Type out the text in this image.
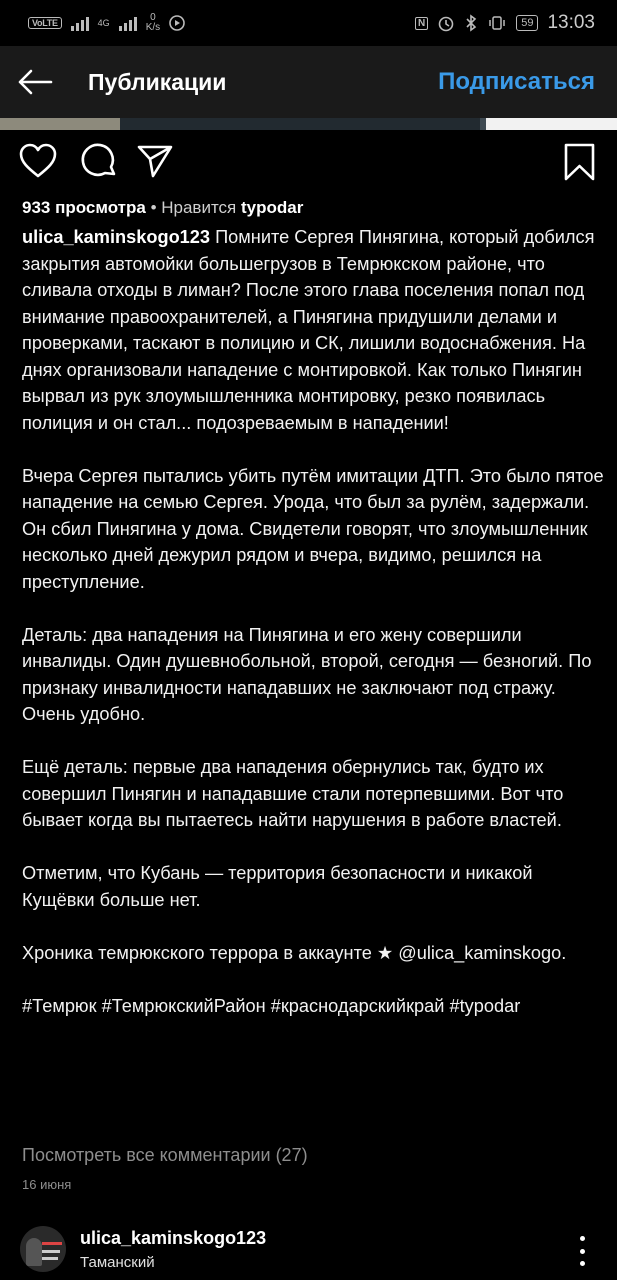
VoLTE	4G	0
K/s	N	59 13:03
Публикации	Подписаться
933 просмотра • Нравится typodar

ulica_kaminskogo123 Помните Сергея Пинягина, который добился закрытия автомойки большегрузов в Темрюкском районе, что сливала отходы в лиман? После этого глава поселения попал под внимание правоохранителей, а Пинягина придушили делами и проверками, таскают в полицию и СК, лишили водоснабжения. На днях организовали нападение с монтировкой. Как только Пинягин вырвал из рук злоумышленника монтировку, резко появилась полиция и он стал... подозреваемым в нападении!

Вчера Сергея пытались убить путём имитации ДТП. Это было пятое нападение на семью Сергея. Урода, что был за рулём, задержали. Он сбил Пинягина у дома. Свидетели говорят, что злоумышленник несколько дней дежурил рядом и вчера, видимо, решился на преступление.

Деталь: два нападения на Пинягина и его жену совершили инвалиды. Один душевнобольной, второй, сегодня — безногий. По признаку инвалидности нападавших не заключают под стражу. Очень удобно.

Ещё деталь: первые два нападения обернулись так, будто их совершил Пинягин и нападавшие стали потерпевшими. Вот что бывает когда вы пытаетесь найти нарушения в работе властей.

Отметим, что Кубань — территория безопасности и никакой Кущёвки больше нет.

Хроника темрюкского террора в аккаунте ★ @ulica_kaminskogo.

#Темрюк #ТемрюкскийРайон #краснодарскийкрай #typodar

Посмотреть все комментарии (27)
16 июня
ulica_kaminskogo123
Таманский
